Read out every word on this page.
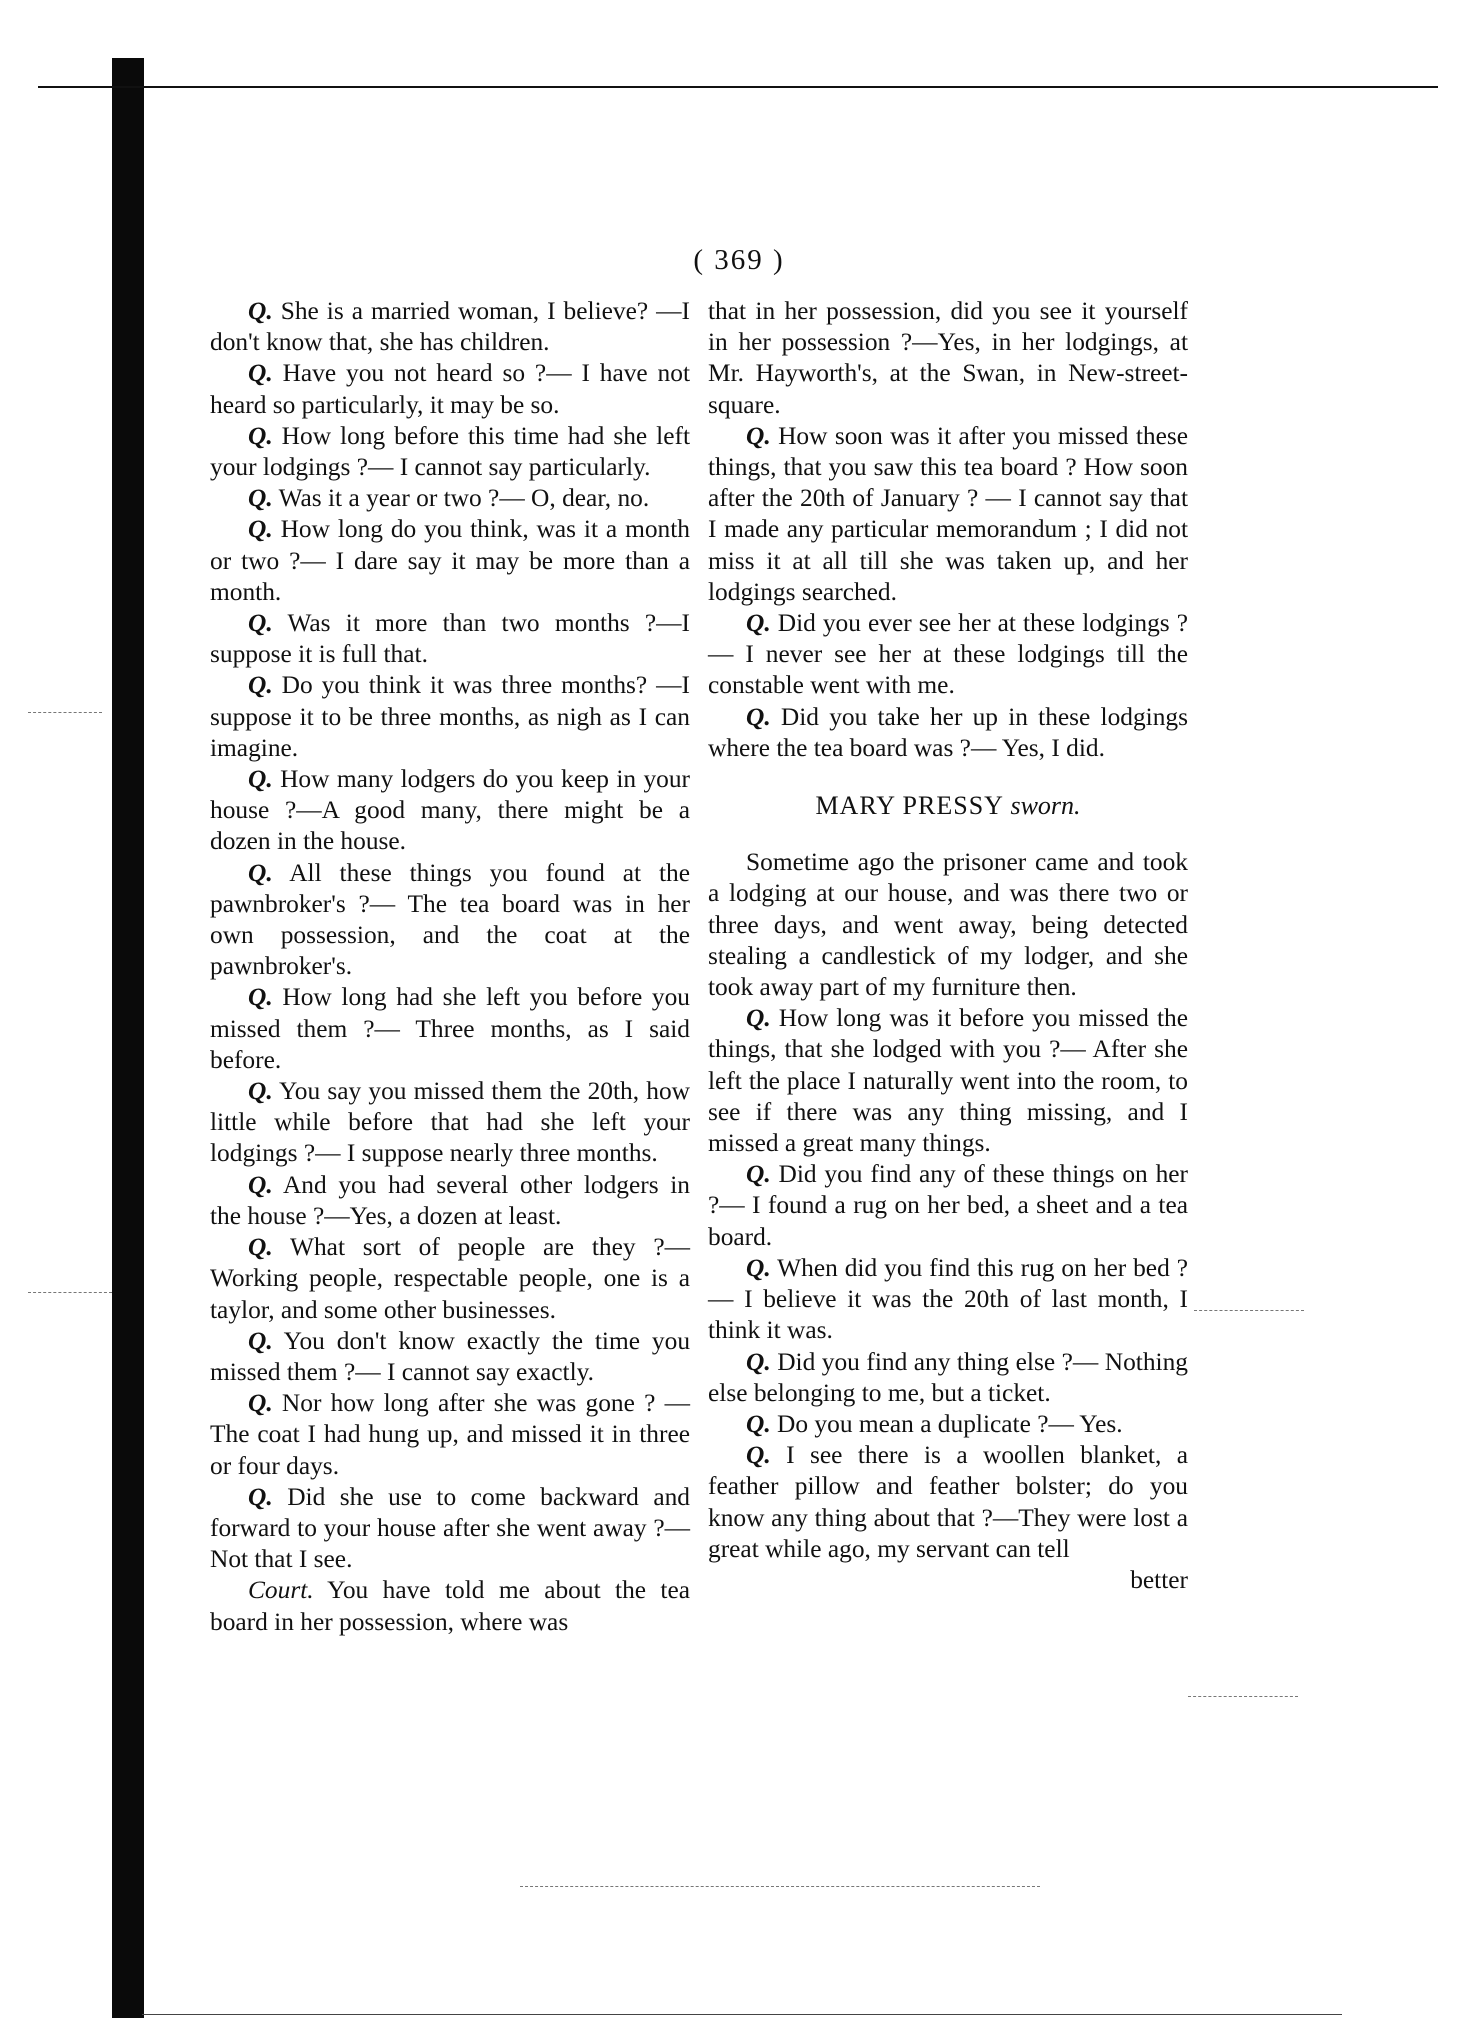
( 369 )

Q. She is a married woman, I believe? —I don't know that, she has children.

Q. Have you not heard so ?— I have not heard so particularly, it may be so.

Q. How long before this time had she left your lodgings ?— I cannot say particularly.

Q. Was it a year or two ?— O, dear, no.

Q. How long do you think, was it a month or two ?— I dare say it may be more than a month.

Q. Was it more than two months ?—I suppose it is full that.

Q. Do you think it was three months? —I suppose it to be three months, as nigh as I can imagine.

Q. How many lodgers do you keep in your house ?—A good many, there might be a dozen in the house.

Q. All these things you found at the pawnbroker's ?— The tea board was in her own possession, and the coat at the pawnbroker's.

Q. How long had she left you before you missed them ?— Three months, as I said before.

Q. You say you missed them the 20th, how little while before that had she left your lodgings ?— I suppose nearly three months.

Q. And you had several other lodgers in the house ?—Yes, a dozen at least.

Q. What sort of people are they ?— Working people, respectable people, one is a taylor, and some other businesses.

Q. You don't know exactly the time you missed them ?— I cannot say exactly.

Q. Nor how long after she was gone ? — The coat I had hung up, and missed it in three or four days.

Q. Did she use to come backward and forward to your house after she went away ?—Not that I see.

Court. You have told me about the tea board in her possession, where was

that in her possession, did you see it yourself in her possession ?—Yes, in her lodgings, at Mr. Hayworth's, at the Swan, in New-street-square.

Q. How soon was it after you missed these things, that you saw this tea board ? How soon after the 20th of January ? — I cannot say that I made any particular memorandum ; I did not miss it at all till she was taken up, and her lodgings searched.

Q. Did you ever see her at these lodgings ?— I never see her at these lodgings till the constable went with me.

Q. Did you take her up in these lodgings where the tea board was ?— Yes, I did.

MARY PRESSY sworn.

Sometime ago the prisoner came and took a lodging at our house, and was there two or three days, and went away, being detected stealing a candlestick of my lodger, and she took away part of my furniture then.

Q. How long was it before you missed the things, that she lodged with you ?— After she left the place I naturally went into the room, to see if there was any thing missing, and I missed a great many things.

Q. Did you find any of these things on her ?— I found a rug on her bed, a sheet and a tea board.

Q. When did you find this rug on her bed ?— I believe it was the 20th of last month, I think it was.

Q. Did you find any thing else ?— Nothing else belonging to me, but a ticket.

Q. Do you mean a duplicate ?— Yes.

Q. I see there is a woollen blanket, a feather pillow and feather bolster; do you know any thing about that ?—They were lost a great while ago, my servant can tell

better
